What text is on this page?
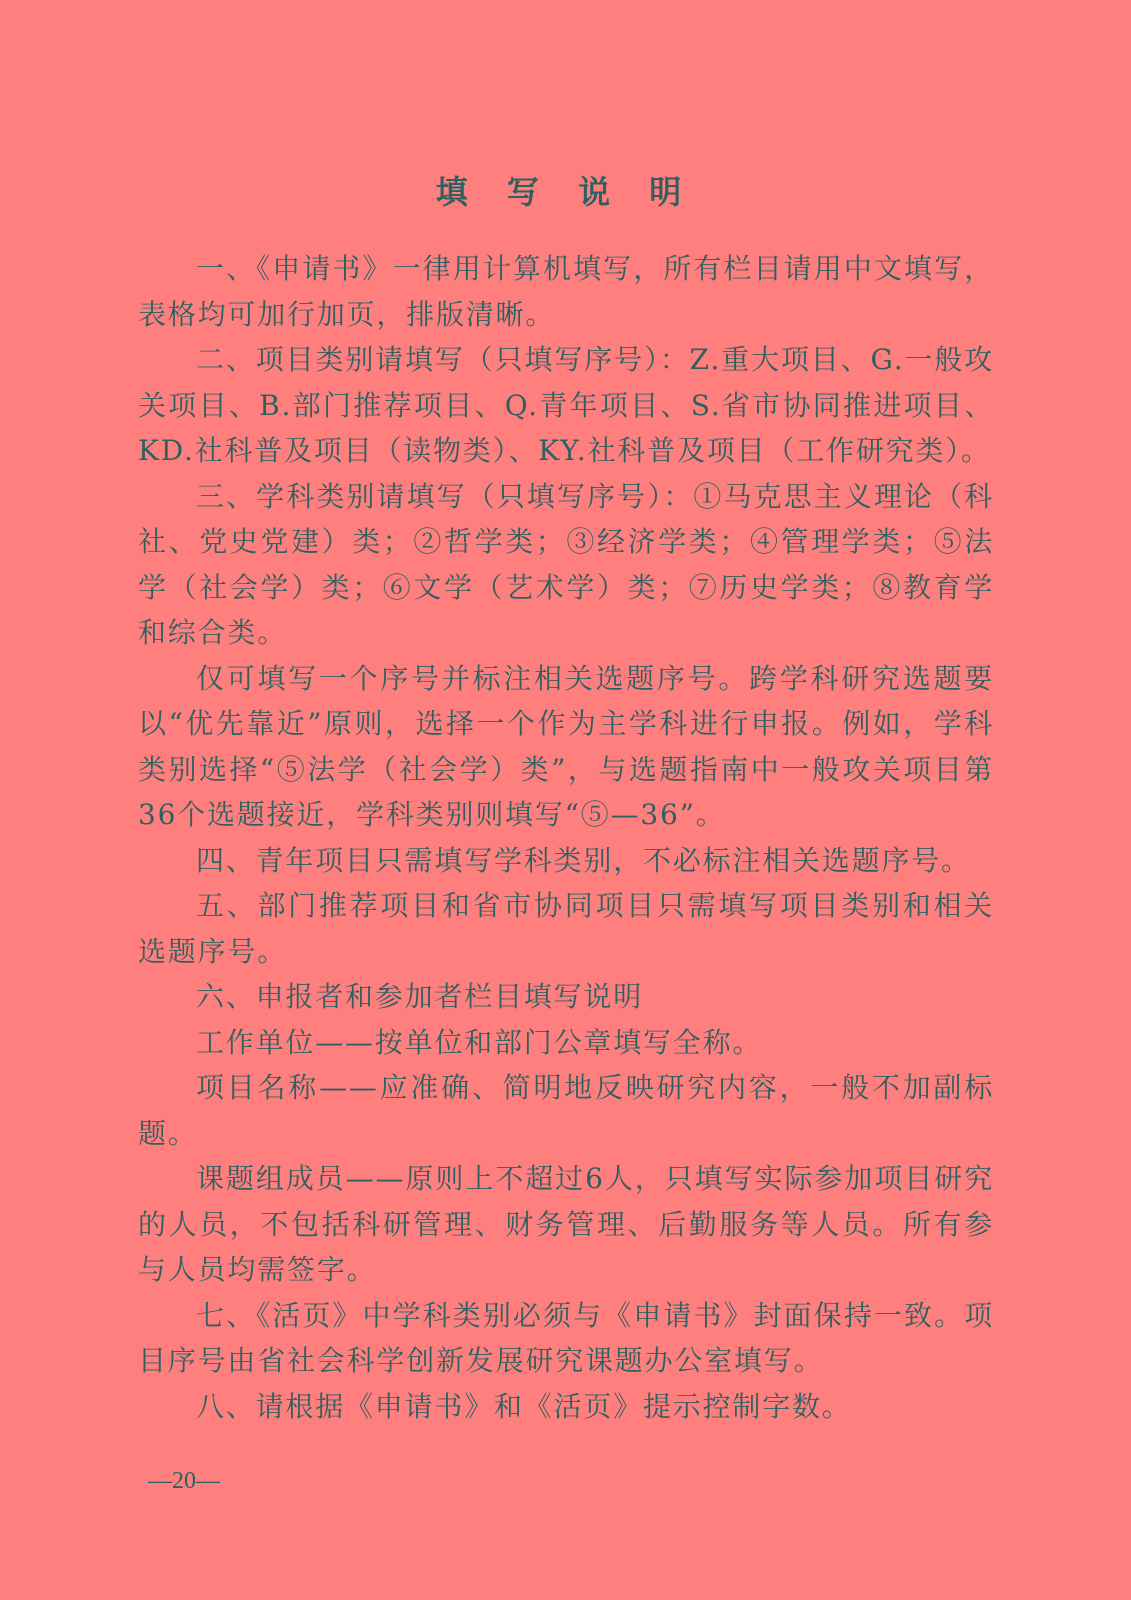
填 写 说 明

一、《申请书》一律用计算机填写，所有栏目请用中文填写，表格均可加行加页，排版清晰。

二、项目类别请填写（只填写序号）：Z.重大项目、G.一般攻关项目、B.部门推荐项目、Q.青年项目、S.省市协同推进项目、KD.社科普及项目（读物类）、KY.社科普及项目（工作研究类）。

三、学科类别请填写（只填写序号）：①马克思主义理论（科社、党史党建）类；②哲学类；③经济学类；④管理学类；⑤法学（社会学）类；⑥文学（艺术学）类；⑦历史学类；⑧教育学和综合类。

仅可填写一个序号并标注相关选题序号。跨学科研究选题要以“优先靠近”原则，选择一个作为主学科进行申报。例如，学科类别选择“⑤法学（社会学）类”，与选题指南中一般攻关项目第36个选题接近，学科类别则填写“⑤—36”。

四、青年项目只需填写学科类别，不必标注相关选题序号。

五、部门推荐项目和省市协同项目只需填写项目类别和相关选题序号。

六、申报者和参加者栏目填写说明

工作单位——按单位和部门公章填写全称。

项目名称——应准确、简明地反映研究内容，一般不加副标题。

课题组成员——原则上不超过6人，只填写实际参加项目研究的人员，不包括科研管理、财务管理、后勤服务等人员。所有参与人员均需签字。

七、《活页》中学科类别必须与《申请书》封面保持一致。项目序号由省社会科学创新发展研究课题办公室填写。

八、请根据《申请书》和《活页》提示控制字数。

—20—
